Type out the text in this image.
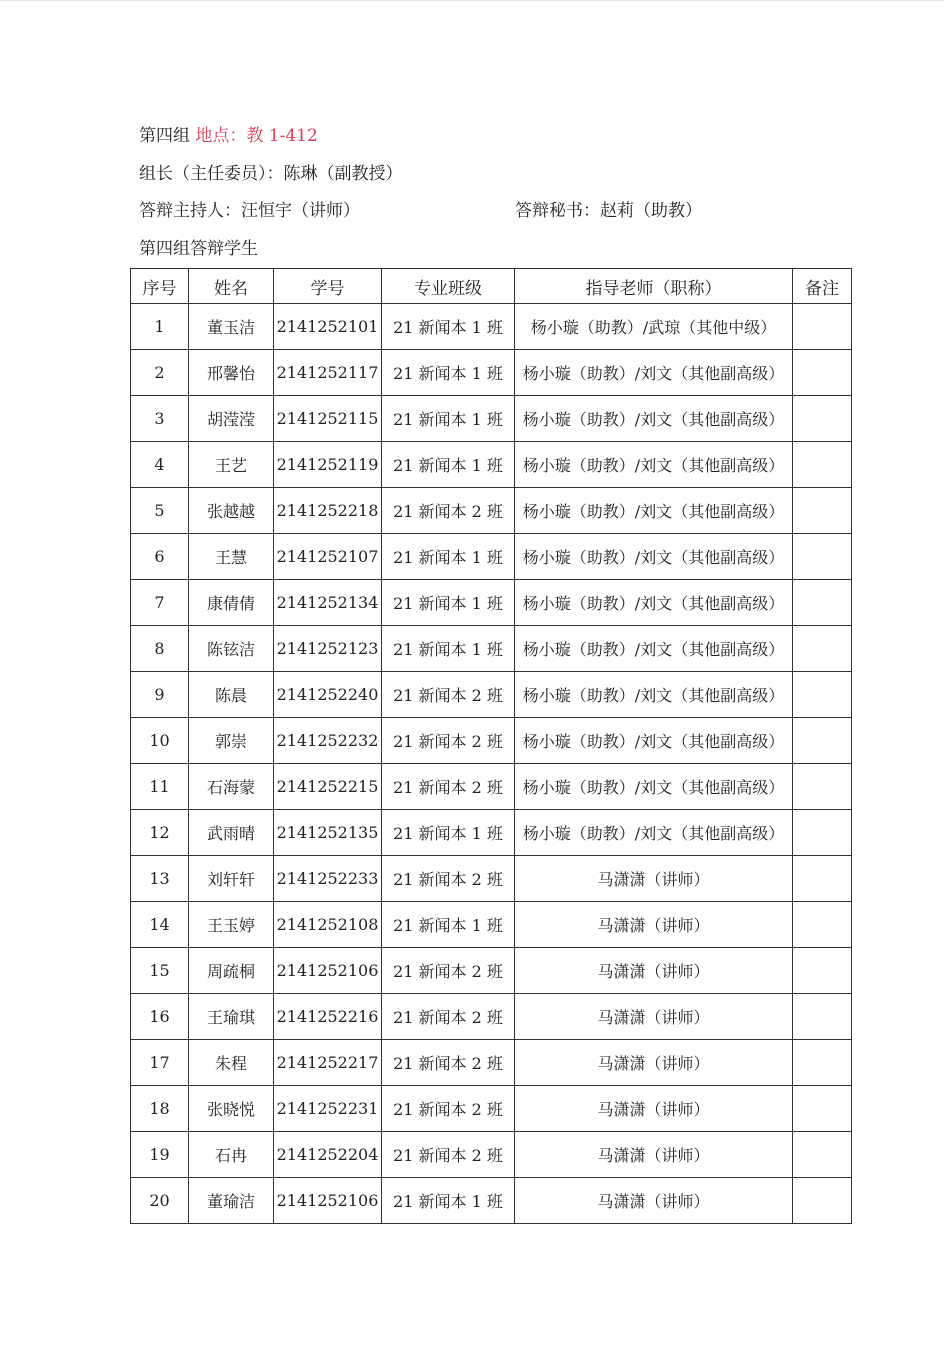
第四组 地点：教 1-412
组长（主任委员）：陈琳（副教授）
答辩主持人：汪恒宇（讲师）	答辩秘书：赵莉（助教）
第四组答辩学生
序号	姓名	学号	专业班级	指导老师（职称）	备注
1	董玉洁	2141252101	21 新闻本 1 班	杨小璇（助教）/武琼（其他中级）	
2	邢馨怡	2141252117	21 新闻本 1 班	杨小璇（助教）/刘文（其他副高级）	
3	胡滢滢	2141252115	21 新闻本 1 班	杨小璇（助教）/刘文（其他副高级）	
4	王艺	2141252119	21 新闻本 1 班	杨小璇（助教）/刘文（其他副高级）	
5	张越越	2141252218	21 新闻本 2 班	杨小璇（助教）/刘文（其他副高级）	
6	王慧	2141252107	21 新闻本 1 班	杨小璇（助教）/刘文（其他副高级）	
7	康倩倩	2141252134	21 新闻本 1 班	杨小璇（助教）/刘文（其他副高级）	
8	陈铉洁	2141252123	21 新闻本 1 班	杨小璇（助教）/刘文（其他副高级）	
9	陈晨	2141252240	21 新闻本 2 班	杨小璇（助教）/刘文（其他副高级）	
10	郭崇	2141252232	21 新闻本 2 班	杨小璇（助教）/刘文（其他副高级）	
11	石海蒙	2141252215	21 新闻本 2 班	杨小璇（助教）/刘文（其他副高级）	
12	武雨晴	2141252135	21 新闻本 1 班	杨小璇（助教）/刘文（其他副高级）	
13	刘轩轩	2141252233	21 新闻本 2 班	马潇潇（讲师）	
14	王玉婷	2141252108	21 新闻本 1 班	马潇潇（讲师）	
15	周疏桐	2141252106	21 新闻本 2 班	马潇潇（讲师）	
16	王瑜琪	2141252216	21 新闻本 2 班	马潇潇（讲师）	
17	朱程	2141252217	21 新闻本 2 班	马潇潇（讲师）	
18	张晓悦	2141252231	21 新闻本 2 班	马潇潇（讲师）	
19	石冉	2141252204	21 新闻本 2 班	马潇潇（讲师）	
20	董瑜洁	2141252106	21 新闻本 1 班	马潇潇（讲师）	
